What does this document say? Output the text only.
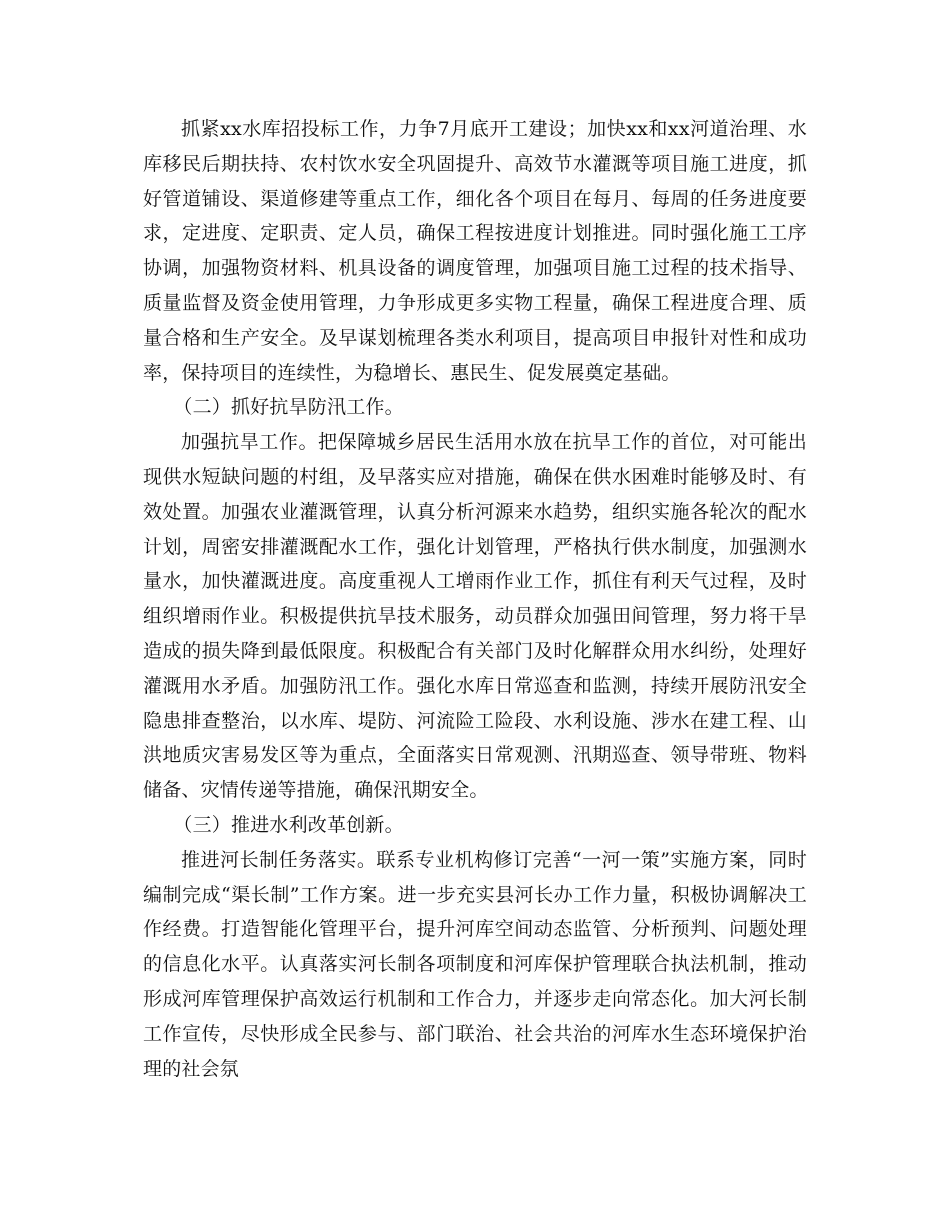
抓紧xx水库招投标工作，力争7月底开工建设；加快xx和xx河道治理、水库移民后期扶持、农村饮水安全巩固提升、高效节水灌溉等项目施工进度，抓好管道铺设、渠道修建等重点工作，细化各个项目在每月、每周的任务进度要求，定进度、定职责、定人员，确保工程按进度计划推进。同时强化施工工序协调，加强物资材料、机具设备的调度管理，加强项目施工过程的技术指导、质量监督及资金使用管理，力争形成更多实物工程量，确保工程进度合理、质量合格和生产安全。及早谋划梳理各类水利项目，提高项目申报针对性和成功率，保持项目的连续性，为稳增长、惠民生、促发展奠定基础。

（二）抓好抗旱防汛工作。

加强抗旱工作。把保障城乡居民生活用水放在抗旱工作的首位，对可能出现供水短缺问题的村组，及早落实应对措施，确保在供水困难时能够及时、有效处置。加强农业灌溉管理，认真分析河源来水趋势，组织实施各轮次的配水计划，周密安排灌溉配水工作，强化计划管理，严格执行供水制度，加强测水量水，加快灌溉进度。高度重视人工增雨作业工作，抓住有利天气过程，及时组织增雨作业。积极提供抗旱技术服务，动员群众加强田间管理，努力将干旱造成的损失降到最低限度。积极配合有关部门及时化解群众用水纠纷，处理好灌溉用水矛盾。加强防汛工作。强化水库日常巡查和监测，持续开展防汛安全隐患排查整治，以水库、堤防、河流险工险段、水利设施、涉水在建工程、山洪地质灾害易发区等为重点，全面落实日常观测、汛期巡查、领导带班、物料储备、灾情传递等措施，确保汛期安全。

（三）推进水利改革创新。

推进河长制任务落实。联系专业机构修订完善“一河一策”实施方案，同时编制完成“渠长制”工作方案。进一步充实县河长办工作力量，积极协调解决工作经费。打造智能化管理平台，提升河库空间动态监管、分析预判、问题处理的信息化水平。认真落实河长制各项制度和河库保护管理联合执法机制，推动形成河库管理保护高效运行机制和工作合力，并逐步走向常态化。加大河长制工作宣传，尽快形成全民参与、部门联治、社会共治的河库水生态环境保护治理的社会氛
